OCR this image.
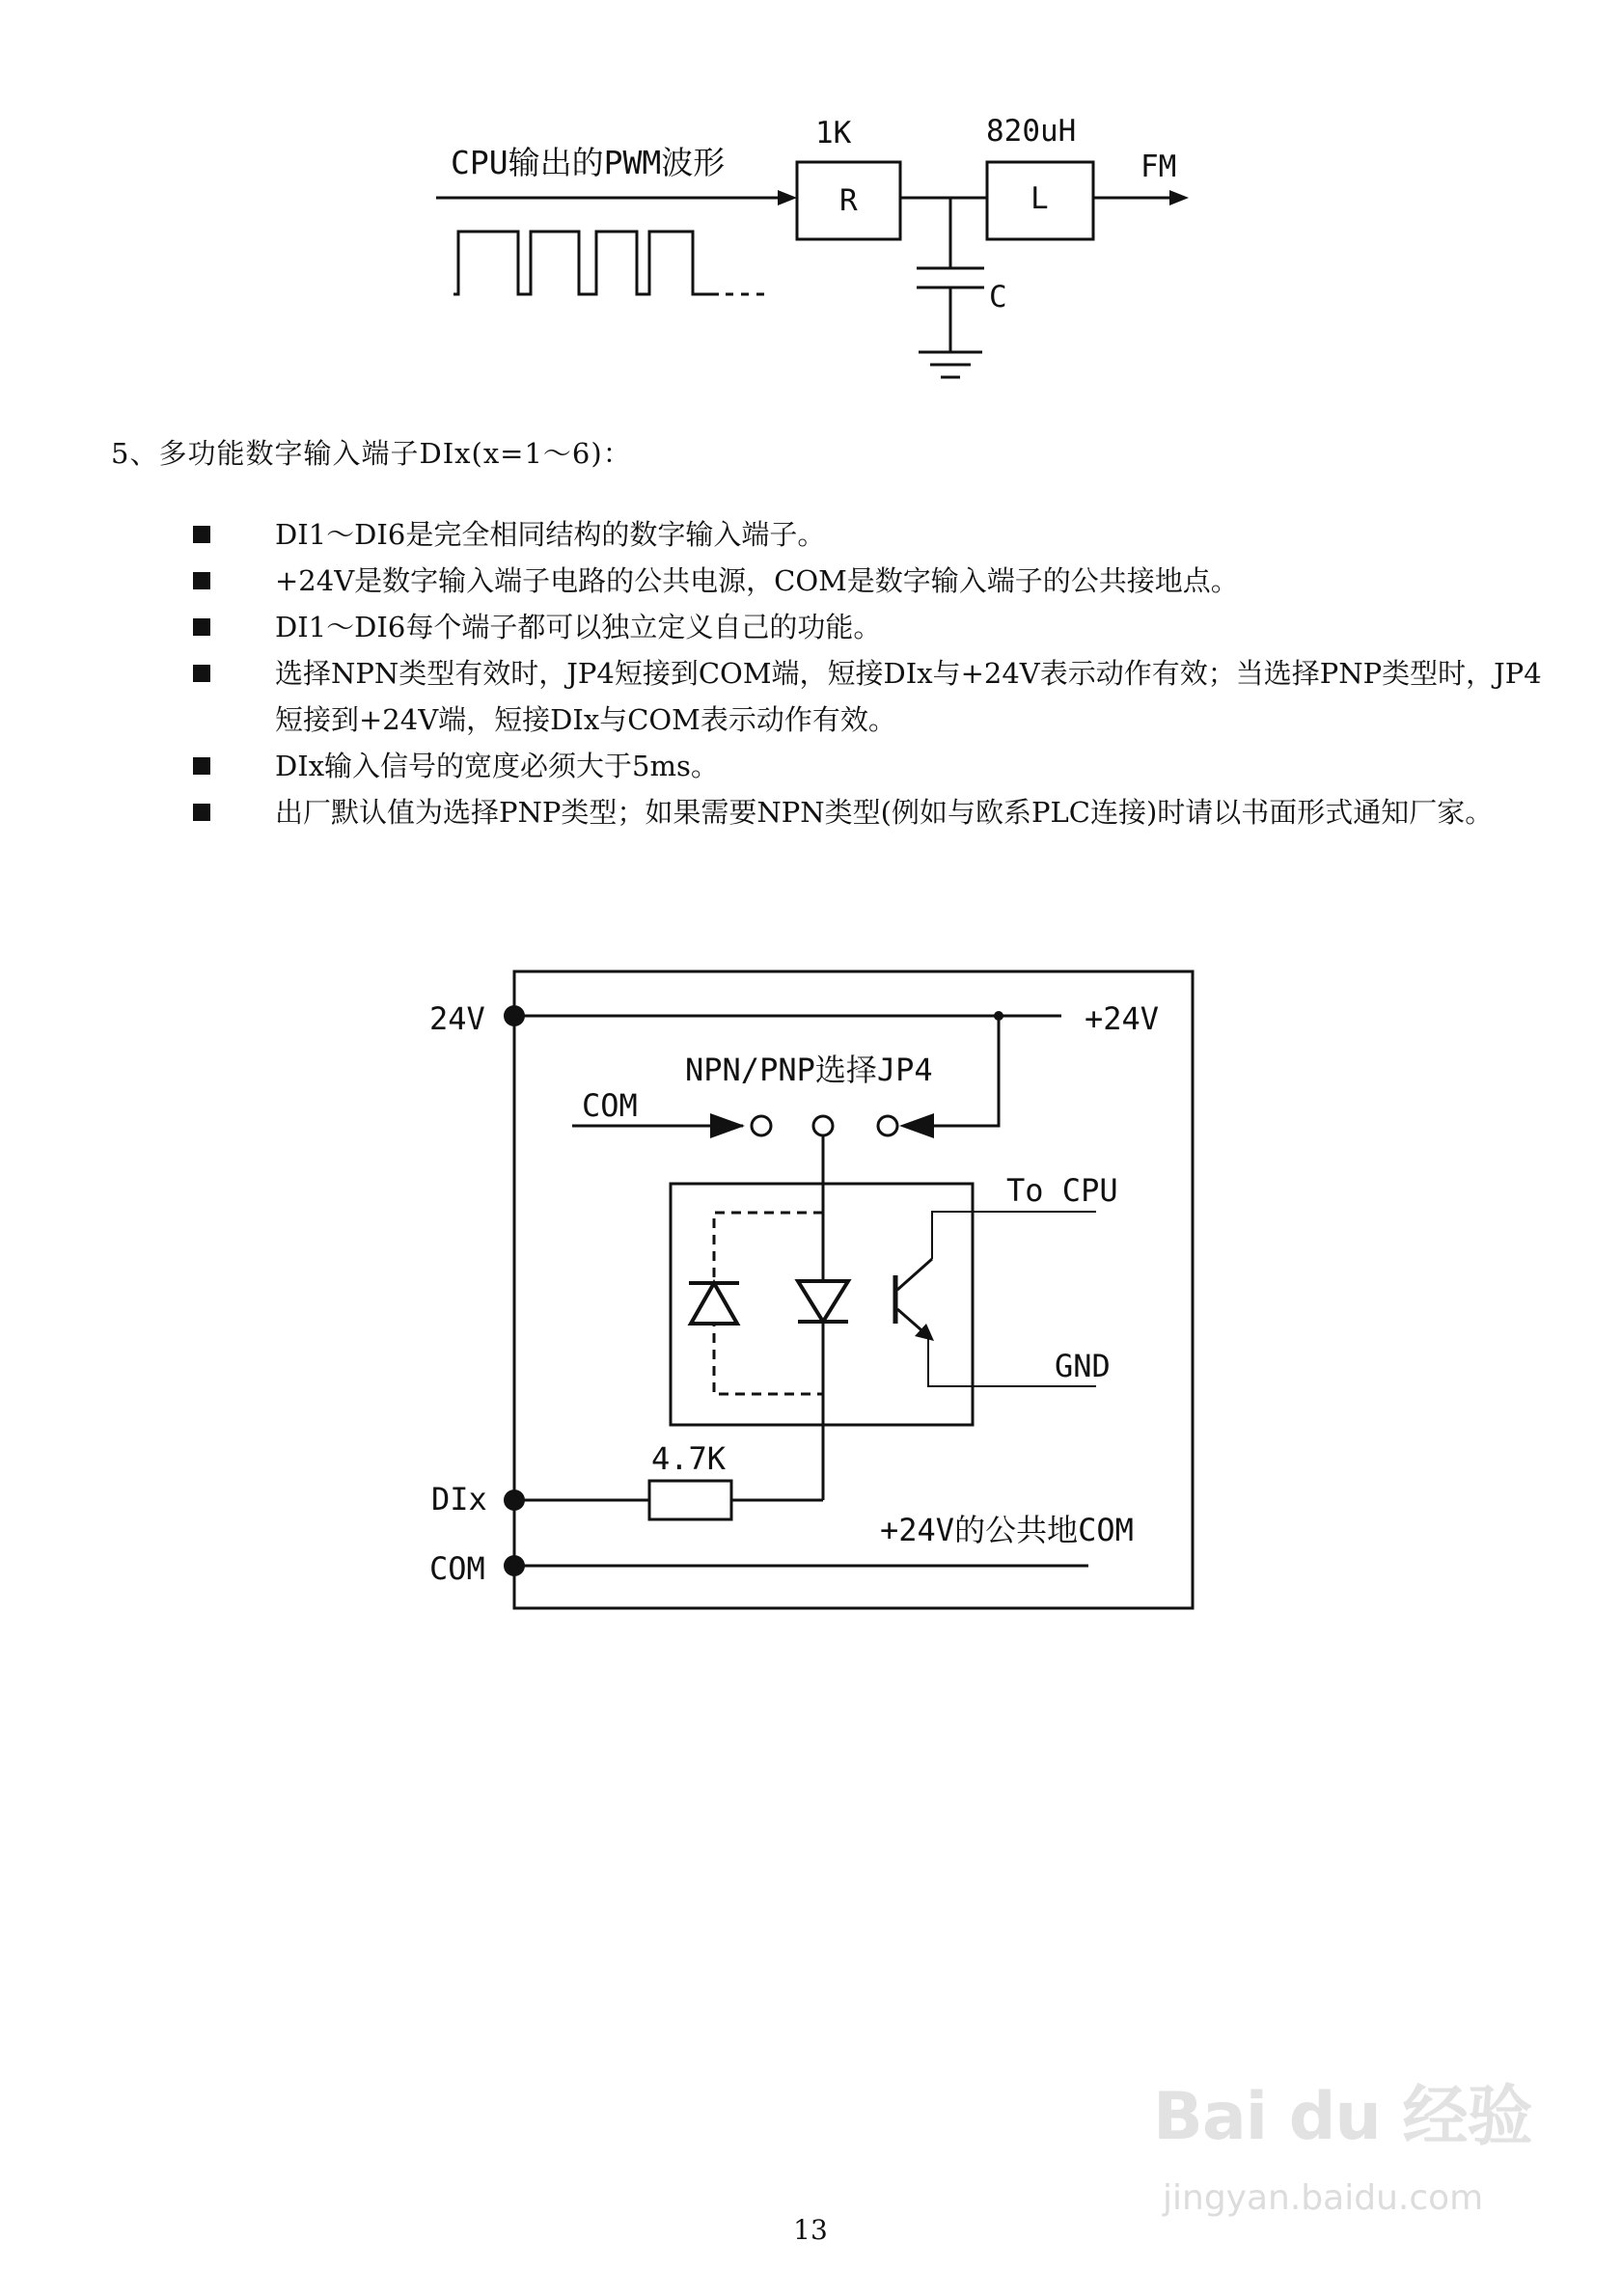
CPU输出的PWM波形
1K
R
820uH
L
FM
C
5、多功能数字输入端子DIx(x=1～6)：
DI1～DI6是完全相同结构的数字输入端子。
+24V是数字输入端子电路的公共电源，COM是数字输入端子的公共接地点。
DI1～DI6每个端子都可以独立定义自己的功能。
选择NPN类型有效时，JP4短接到COM端，短接DIx与+24V表示动作有效；当选择PNP类型时，JP4短接到+24V端，短接DIx与COM表示动作有效。
DIx输入信号的宽度必须大于5ms。
出厂默认值为选择PNP类型；如果需要NPN类型(例如与欧系PLC连接)时请以书面形式通知厂家。
24V	+24V
NPN/PNP选择JP4
COM
To CPU
GND
DIx
4.7K
+24V的公共地COM
COM
Bai du 经验
jingyan.baidu.com
13
